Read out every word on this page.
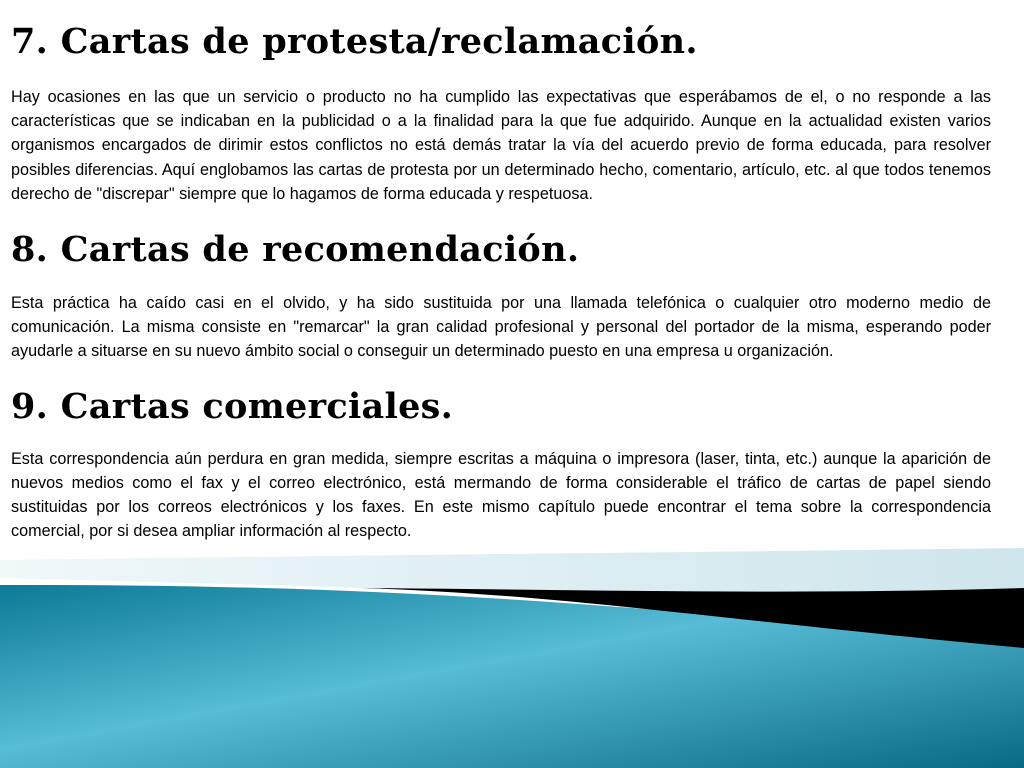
7. Cartas de protesta/reclamación.

Hay ocasiones en las que un servicio o producto no ha cumplido las expectativas que esperábamos de el, o no responde a las características que se indicaban en la publicidad o a la finalidad para la que fue adquirido. Aunque en la actualidad existen varios organismos encargados de dirimir estos conflictos no está demás tratar la vía del acuerdo previo de forma educada, para resolver posibles diferencias. Aquí englobamos las cartas de protesta por un determinado hecho, comentario, artículo, etc. al que todos tenemos derecho de "discrepar" siempre que lo hagamos de forma educada y respetuosa.

8. Cartas de recomendación.

Esta práctica ha caído casi en el olvido, y ha sido sustituida por una llamada telefónica o cualquier otro moderno medio de comunicación. La misma consiste en "remarcar" la gran calidad profesional y personal del portador de la misma, esperando poder ayudarle a situarse en su nuevo ámbito social o conseguir un determinado puesto en una empresa u organización.

9. Cartas comerciales.

Esta correspondencia aún perdura en gran medida, siempre escritas a máquina o impresora (laser, tinta, etc.) aunque la aparición de nuevos medios como el fax y el correo electrónico, está mermando de forma considerable el tráfico de cartas de papel siendo sustituidas por los correos electrónicos y los faxes. En este mismo capítulo puede encontrar el tema sobre la correspondencia comercial, por si desea ampliar información al respecto.
